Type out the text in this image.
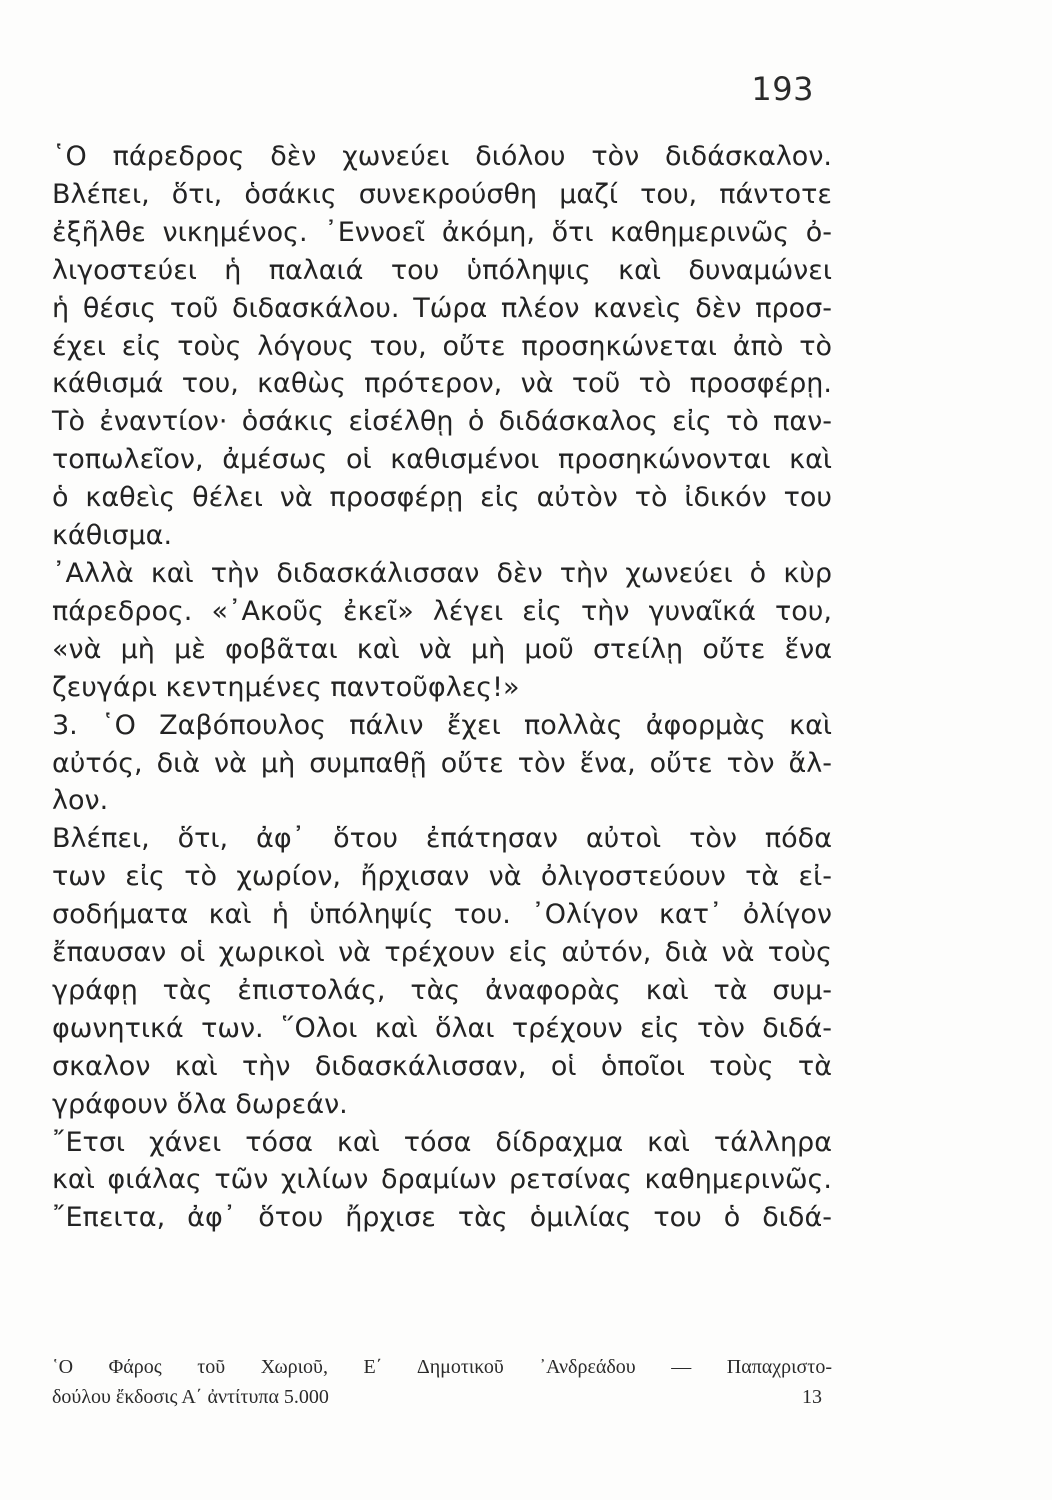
193
῾Ο πάρεδρος δὲν χωνεύει διόλου τὸν διδάσκαλον.
Βλέπει, ὅτι, ὁσάκις συνεκρούσθη μαζί του, πάντοτε
ἐξῆλθε νικημένος. ᾿Εννοεῖ ἀκόμη, ὅτι καθημερινῶς ὀ-
λιγοστεύει ἡ παλαιά του ὑπόληψις καὶ δυναμώνει
ἡ θέσις τοῦ διδασκάλου. Τώρα πλέον κανεὶς δὲν προσ-
έχει εἰς τοὺς λόγους του, οὔτε προσηκώνεται ἀπὸ τὸ
κάθισμά του, καθὼς πρότερον, νὰ τοῦ τὸ προσφέρῃ.
Τὸ ἐναντίον· ὁσάκις εἰσέλθῃ ὁ διδάσκαλος εἰς τὸ παν-
τοπωλεῖον, ἀμέσως οἱ καθισμένοι προσηκώνονται καὶ
ὁ καθεὶς θέλει νὰ προσφέρῃ εἰς αὐτὸν τὸ ἰδικόν του
κάθισμα.
᾿Αλλὰ καὶ τὴν διδασκάλισσαν δὲν τὴν χωνεύει ὁ κὺρ
πάρεδρος. «᾿Ακοῦς ἐκεῖ» λέγει εἰς τὴν γυναῖκά του,
«νὰ μὴ μὲ φοβᾶται καὶ νὰ μὴ μοῦ στείλῃ οὔτε ἕνα
ζευγάρι κεντημένες παντοῦφλες!»
3. ῾Ο Ζαβόπουλος πάλιν ἔχει πολλὰς ἀφορμὰς καὶ
αὐτός, διὰ νὰ μὴ συμπαθῇ οὔτε τὸν ἕνα, οὔτε τὸν ἄλ-
λον.
Βλέπει, ὅτι, ἀφ᾿ ὅτου ἐπάτησαν αὐτοὶ τὸν πόδα
των εἰς τὸ χωρίον, ἤρχισαν νὰ ὀλιγοστεύουν τὰ εἰ-
σοδήματα καὶ ἡ ὑπόληψίς του. ᾿Ολίγον κατ᾿ ὀλίγον
ἔπαυσαν οἱ χωρικοὶ νὰ τρέχουν εἰς αὐτόν, διὰ νὰ τοὺς
γράφῃ τὰς ἐπιστολάς, τὰς ἀναφορὰς καὶ τὰ συμ-
φωνητικά των. ῞Ολοι καὶ ὅλαι τρέχουν εἰς τὸν διδά-
σκαλον καὶ τὴν διδασκάλισσαν, οἱ ὁποῖοι τοὺς τὰ
γράφουν ὅλα δωρεάν.
῎Ετσι χάνει τόσα καὶ τόσα δίδραχμα καὶ τάλληρα
καὶ φιάλας τῶν χιλίων δραμίων ρετσίνας καθημερινῶς.
῎Επειτα, ἀφ᾿ ὅτου ἤρχισε τὰς ὁμιλίας του ὁ διδά-
῾Ο Φάρος τοῦ Χωριοῦ, Ε΄ Δημοτικοῦ ᾿Ανδρεάδου — Παπαχριστο-
δούλου ἔκδοσις Α΄ ἀντίτυπα 5.000	13
